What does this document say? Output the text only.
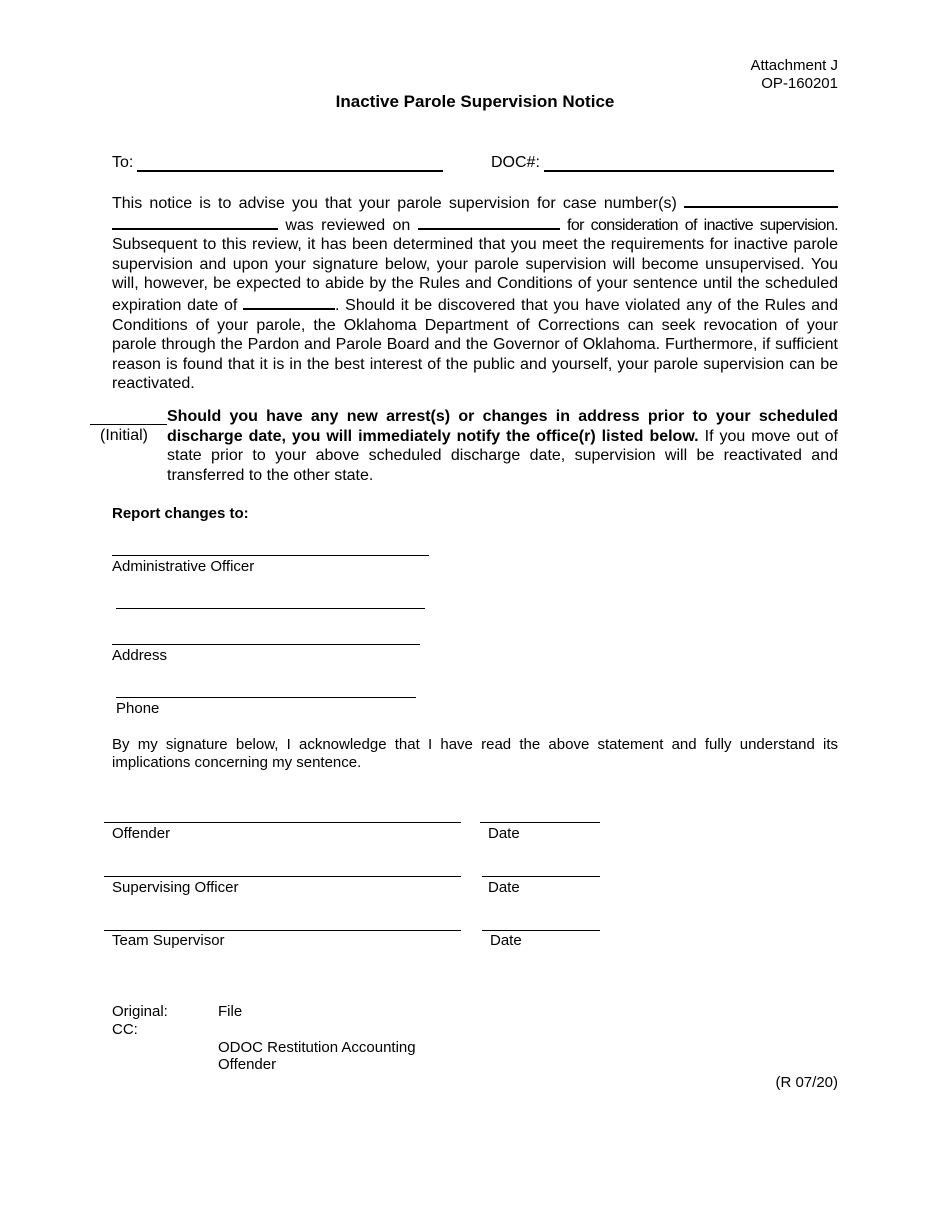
Attachment J
OP-160201
Inactive Parole Supervision Notice
To:	DOC#:
This notice is to advise you that your parole supervision for case number(s)   was reviewed on	for consideration of inactive supervision. Subsequent to this review, it has been determined that you meet the requirements for inactive parole supervision and upon your signature below, your parole supervision will become unsupervised. You will, however, be expected to abide by the Rules and Conditions of your sentence until the scheduled expiration date of	. Should it be discovered that you have violated any of the Rules and Conditions of your parole, the Oklahoma Department of Corrections can seek revocation of your parole through the Pardon and Parole Board and the Governor of Oklahoma. Furthermore, if sufficient reason is found that it is in the best interest of the public and yourself, your parole supervision can be reactivated.
(Initial)
Should you have any new arrest(s) or changes in address prior to your scheduled discharge date, you will immediately notify the office(r) listed below. If you move out of state prior to your above scheduled discharge date, supervision will be reactivated and transferred to the other state.
Report changes to:
Administrative Officer
Address
Phone
By my signature below, I acknowledge that I have read the above statement and fully understand its implications concerning my sentence.
Offender	Date
Supervising Officer	Date
Team Supervisor	Date
Original:	File
CC:
ODOC Restitution Accounting
Offender
(R 07/20)
